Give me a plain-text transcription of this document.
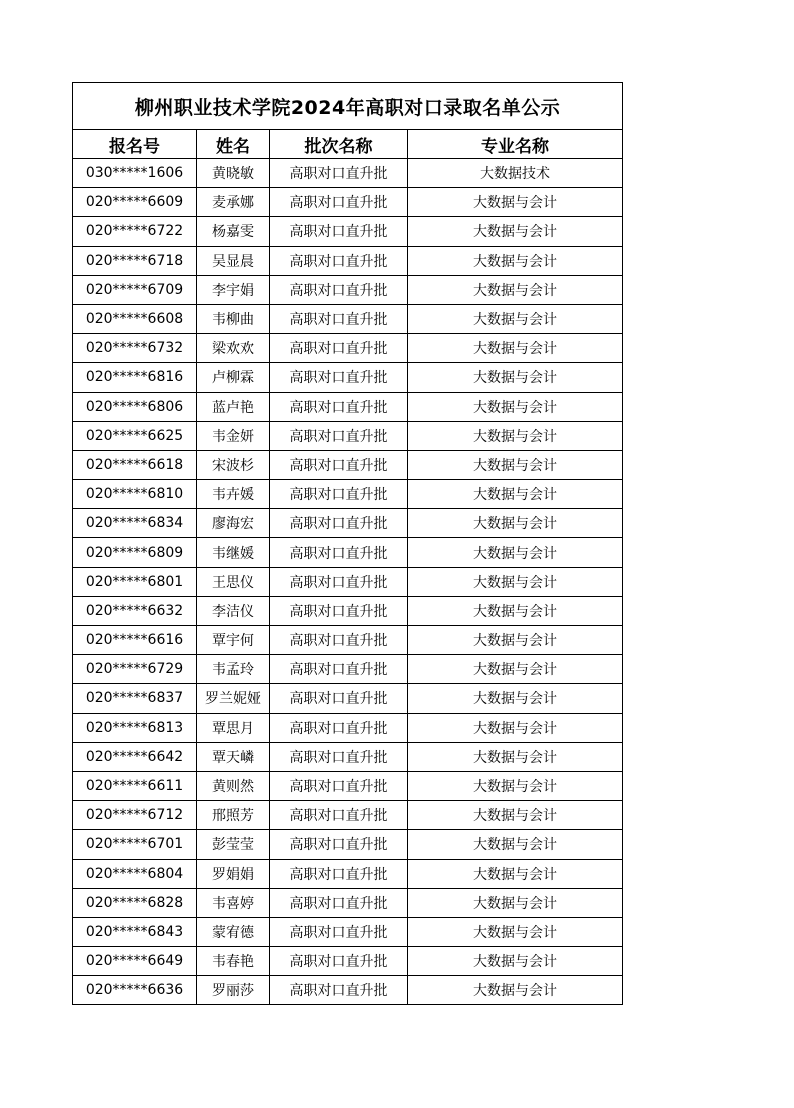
柳州职业技术学院2024年高职对口录取名单公示			
报名号	姓名	批次名称	专业名称
030*****1606	黄晓敏	高职对口直升批	大数据技术
020*****6609	麦承娜	高职对口直升批	大数据与会计
020*****6722	杨嘉雯	高职对口直升批	大数据与会计
020*****6718	吴显晨	高职对口直升批	大数据与会计
020*****6709	李宇娟	高职对口直升批	大数据与会计
020*****6608	韦柳曲	高职对口直升批	大数据与会计
020*****6732	梁欢欢	高职对口直升批	大数据与会计
020*****6816	卢柳霖	高职对口直升批	大数据与会计
020*****6806	蓝卢艳	高职对口直升批	大数据与会计
020*****6625	韦金妍	高职对口直升批	大数据与会计
020*****6618	宋波杉	高职对口直升批	大数据与会计
020*****6810	韦卉媛	高职对口直升批	大数据与会计
020*****6834	廖海宏	高职对口直升批	大数据与会计
020*****6809	韦继媛	高职对口直升批	大数据与会计
020*****6801	王思仪	高职对口直升批	大数据与会计
020*****6632	李洁仪	高职对口直升批	大数据与会计
020*****6616	覃宇何	高职对口直升批	大数据与会计
020*****6729	韦孟玲	高职对口直升批	大数据与会计
020*****6837	罗兰妮娅	高职对口直升批	大数据与会计
020*****6813	覃思月	高职对口直升批	大数据与会计
020*****6642	覃天嶙	高职对口直升批	大数据与会计
020*****6611	黄则然	高职对口直升批	大数据与会计
020*****6712	邢照芳	高职对口直升批	大数据与会计
020*****6701	彭莹莹	高职对口直升批	大数据与会计
020*****6804	罗娟娟	高职对口直升批	大数据与会计
020*****6828	韦喜婷	高职对口直升批	大数据与会计
020*****6843	蒙宥德	高职对口直升批	大数据与会计
020*****6649	韦春艳	高职对口直升批	大数据与会计
020*****6636	罗丽莎	高职对口直升批	大数据与会计
